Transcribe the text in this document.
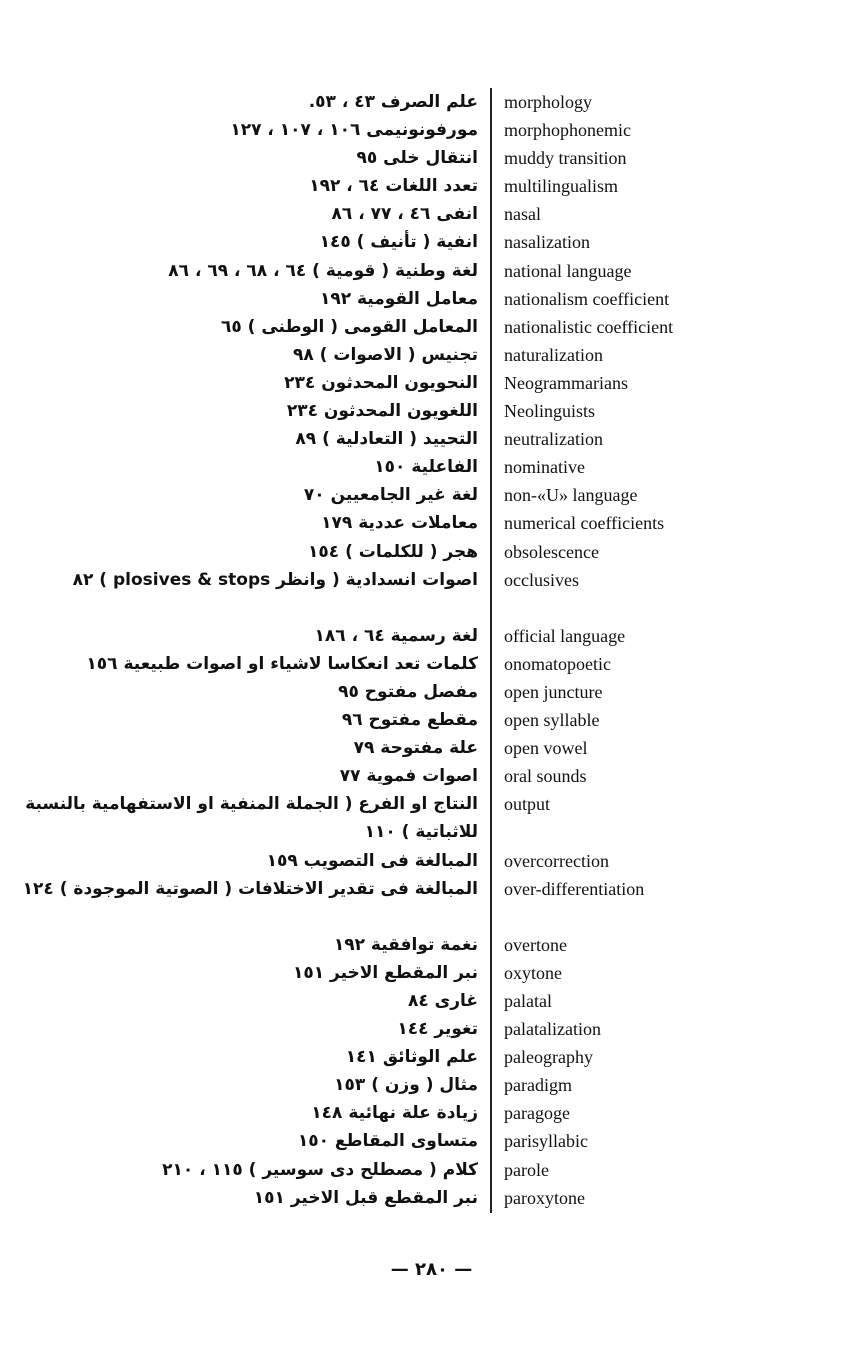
علم الصرف ٤٣ ، ٥٣. morphology
مورفونونيمى ١٠٦ ، ١٠٧ ، ١٢٧ morphophonemic
انتقال خلى ٩٥ muddy transition
تعدد اللغات ٦٤ ، ١٩٢ multilingualism
انفى ٤٦ ، ٧٧ ، ٨٦ nasal
انفية ( تأنيف ) ١٤٥ nasalization
لغة وطنية ( قومية ) ٦٤ ، ٦٨ ، ٦٩ ، ٨٦ national language
معامل القومية ١٩٢ nationalism coefficient
المعامل القومى ( الوطنى ) ٦٥ nationalistic coefficient
تجنيس ( الاصوات ) ٩٨ naturalization
النحويون المحدثون ٢٣٤ Neogrammarians
اللغويون المحدثون ٢٣٤ Neolinguists
التحييد ( التعادلية ) ٨٩ neutralization
الفاعلية ١٥٠ nominative
لغة غير الجامعيين ٧٠ non-«U» language
معاملات عددية ١٧٩ numerical coefficients
هجر ( للكلمات ) ١٥٤ obsolescence
اصوات انسدادية ( وانظر plosives & stops ) ٨٢ occlusives
لغة رسمية ٦٤ ، ١٨٦ official language
كلمات تعد انعكاسا لاشياء او اصوات طبيعية ١٥٦ onomatopoetic
مفصل مفتوح ٩٥ open juncture
مقطع مفتوح ٩٦ open syllable
علة مفتوحة ٧٩ open vowel
اصوات فموية ٧٧ oral sounds
النتاج او الفرع ( الجملة المنفية او الاستفهامية بالنسبة للاثباتية ) ١١٠
output
المبالغة فى التصويب ١٥٩ overcorrection
المبالغة فى تقدير الاختلافات ( الصوتية الموجودة ) ١٢٤ over-differentiation
نغمة توافقية ١٩٢ overtone
نبر المقطع الاخير ١٥١ oxytone
غارى ٨٤ palatal
تغوير ١٤٤ palatalization
علم الوثائق ١٤١ paleography
مثال ( وزن ) ١٥٣ paradigm
زيادة علة نهائية ١٤٨ paragoge
متساوى المقاطع ١٥٠ parisyllabic
كلام ( مصطلح دى سوسير ) ١١٥ ، ٢١٠ parole
نبر المقطع قبل الاخير ١٥١ paroxytone
— ٢٨٠ —
